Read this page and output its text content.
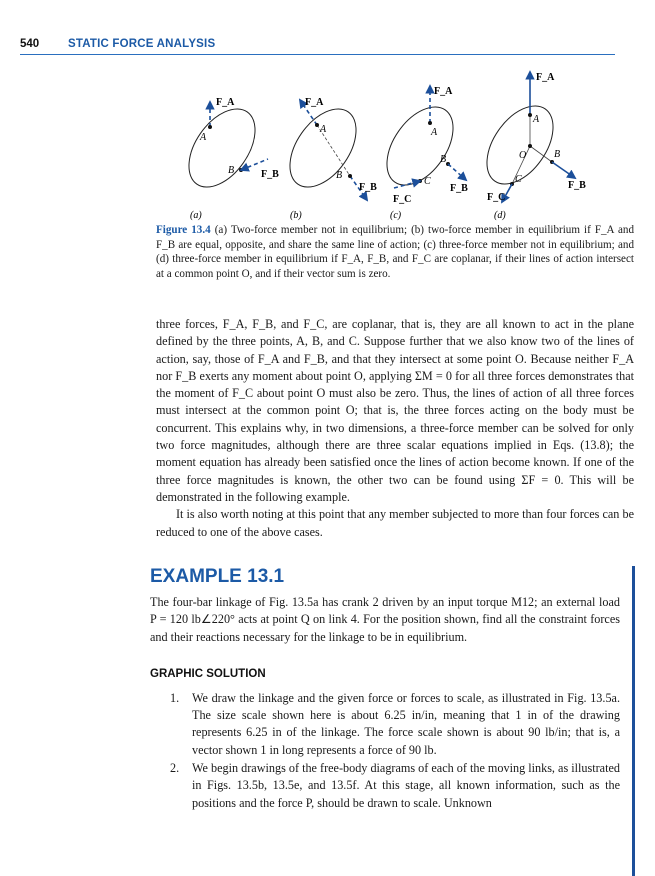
540	STATIC FORCE ANALYSIS
A
F_A
B	F_B
(a)
A
F_A
B
F_B
(b)
A
F_A
B
F_B
C
F_C
(c)
A
F_A
O	B
F_B
C
F_C
(d)
Figure 13.4 (a) Two-force member not in equilibrium; (b) two-force member in equilibrium if F_A and F_B are equal, opposite, and share the same line of action; (c) three-force member not in equilibrium; and (d) three-force member in equilibrium if F_A, F_B, and F_C are coplanar, if their lines of action intersect at a common point O, and if their vector sum is zero.

three forces, F_A, F_B, and F_C, are coplanar, that is, they are all known to act in the plane defined by the three points, A, B, and C. Suppose further that we also know two of the lines of action, say, those of F_A and F_B, and that they intersect at some point O. Because neither F_A nor F_B exerts any moment about point O, applying ΣM = 0 for all three forces demonstrates that the moment of F_C about point O must also be zero. Thus, the lines of action of all three forces must intersect at the common point O; that is, the three forces acting on the body must be concurrent. This explains why, in two dimensions, a three-force member can be solved for only two force magnitudes, although there are three scalar equations implied in Eqs. (13.8); the moment equation has already been satisfied once the lines of action become known. If one of the three force magnitudes is known, the other two can be found using ΣF = 0. This will be demonstrated in the following example.

It is also worth noting at this point that any member subjected to more than four forces can be reduced to one of the above cases.

EXAMPLE 13.1

The four-bar linkage of Fig. 13.5a has crank 2 driven by an input torque M12; an external load P = 120 lb∠220° acts at point Q on link 4. For the position shown, find all the constraint forces and their reactions necessary for the linkage to be in equilibrium.

GRAPHIC SOLUTION
1. We draw the linkage and the given force or forces to scale, as illustrated in Fig. 13.5a. The size scale shown here is about 6.25 in/in, meaning that 1 in of the drawing represents 6.25 in of the linkage. The force scale shown is about 90 lb/in; that is, a vector shown 1 in long represents a force of 90 lb.
2. We begin drawings of the free-body diagrams of each of the moving links, as illustrated in Figs. 13.5b, 13.5e, and 13.5f. At this stage, all known information, such as the positions and the force P, should be drawn to scale. Unknown
